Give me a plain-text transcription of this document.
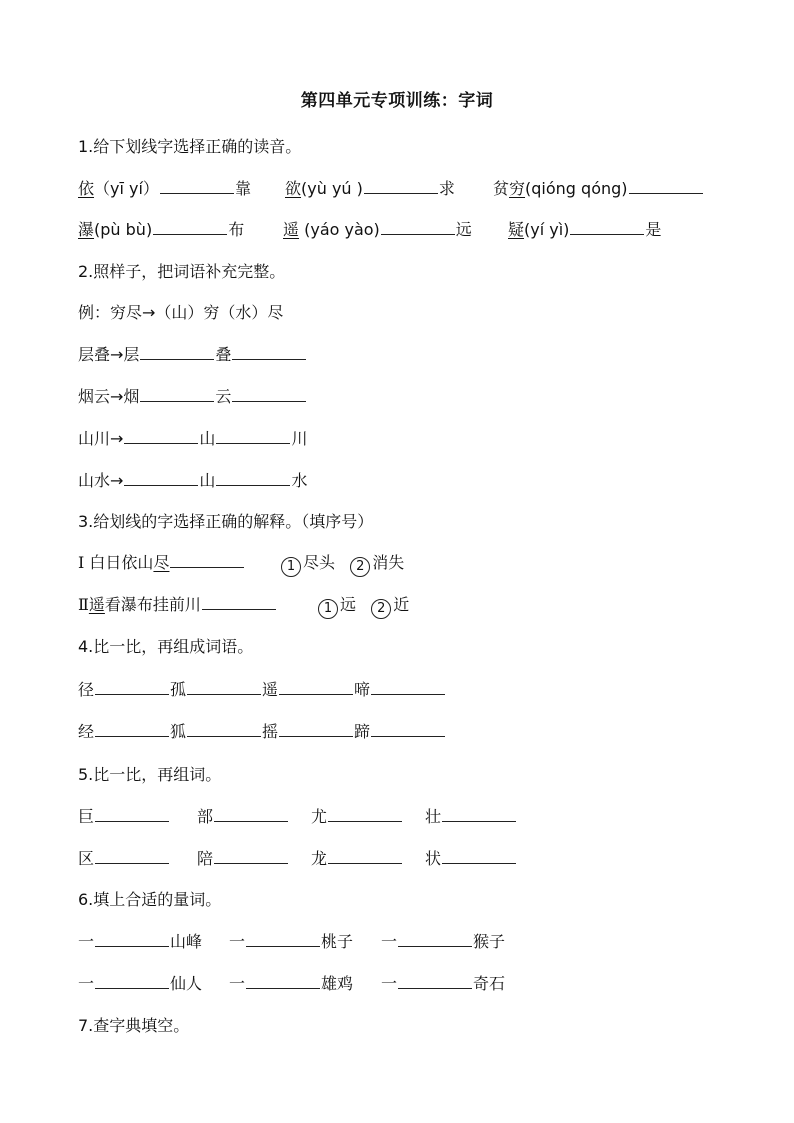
第四单元专项训练：字词
1.给下划线字选择正确的读音。
依（yī yí）	靠 欲(yù yú )	求 贫穷(qióng qóng)
瀑(pù bù)	布 遥 (yáo yào)	远 疑(yí yì)	是
2.照样子，把词语补充完整。
例：穷尽→（山）穷（水）尽
层叠→层	叠
烟云→烟	云
山川→	山	川
山水→	山	水
3.给划线的字选择正确的解释。（填序号）
Ⅰ 白日依山尽	1 尽头 2 消失
Ⅱ遥看瀑布挂前川	1 远 2 近
4.比一比，再组成词语。
径	孤	遥	啼
经	狐	摇	蹄
5.比一比，再组词。
巨	部	尤	壮
区	陪	龙	状
6.填上合适的量词。
一	山峰 一	桃子 一	猴子
一	仙人 一	雄鸡 一	奇石
7.查字典填空。
